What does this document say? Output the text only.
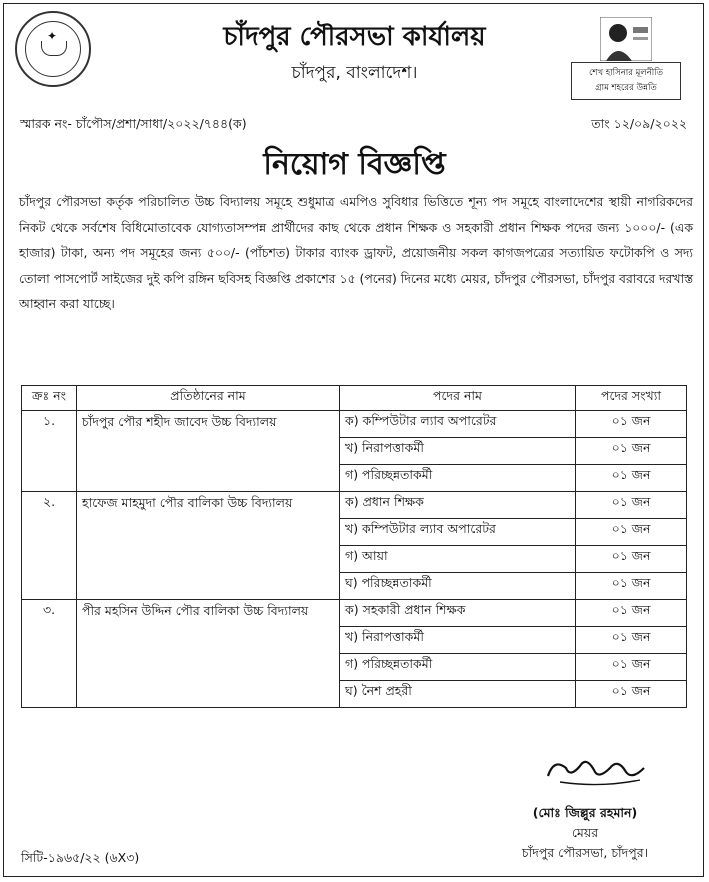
✦	চাঁদপুর পৌরসভা কার্যালয়
চাঁদপুর, বাংলাদেশ।	শেখ হাসিনার মূলনীতি
গ্রাম শহরের উন্নতি
স্মারক নং- চাঁপৌস/প্রশা/সাধা/২০২২/৭৪৪(ক)	তাং ১২/০৯/২০২২
নিয়োগ বিজ্ঞপ্তি
চাঁদপুর পৌরসভা কর্তৃক পরিচালিত উচ্চ বিদ্যালয় সমূহে শুধুমাত্র এমপিও সুবিধার ভিত্তিতে শূন্য পদ সমূহে বাংলাদেশের স্থায়ী নাগরিকদের নিকট থেকে সর্বশেষ বিধিমোতাবেক যোগ্যতাসম্পন্ন প্রার্থীদের কাছ থেকে প্রধান শিক্ষক ও সহকারী প্রধান শিক্ষক পদের জন্য ১০০০/- (এক হাজার) টাকা, অন্য পদ সমূহের জন্য ৫০০/- (পাঁচশত) টাকার ব্যাংক ড্রাফট, প্রয়োজনীয় সকল কাগজপত্রের সত্যায়িত ফটোকপি ও সদ্য তোলা পাসপোর্ট সাইজের দুই কপি রঙ্গিন ছবিসহ বিজ্ঞপ্তি প্রকাশের ১৫ (পনের) দিনের মধ্যে মেয়র, চাঁদপুর পৌরসভা, চাঁদপুর বরাবরে দরখাস্ত আহ্বান করা যাচ্ছে।
ক্রঃ নং	প্রতিষ্ঠানের নাম	পদের নাম	পদের সংখ্যা
১.	চাঁদপুর পৌর শহীদ জাবেদ উচ্চ বিদ্যালয়	ক) কম্পিউটার ল্যাব অপারেটর	০১ জন
		খ) নিরাপত্তাকর্মী	০১ জন
		গ) পরিচ্ছন্নতাকর্মী	০১ জন
২.	হাফেজ মাহমুদা পৌর বালিকা উচ্চ বিদ্যালয়	ক) প্রধান শিক্ষক	০১ জন
		খ) কম্পিউটার ল্যাব অপারেটর	০১ জন
		গ) আয়া	০১ জন
		ঘ) পরিচ্ছন্নতাকর্মী	০১ জন
৩.	পীর মহসিন উদ্দিন পৌর বালিকা উচ্চ বিদ্যালয়	ক) সহকারী প্রধান শিক্ষক	০১ জন
		খ) নিরাপত্তাকর্মী	০১ জন
		গ) পরিচ্ছন্নতাকর্মী	০১ জন
		ঘ) নৈশ প্রহরী	০১ জন
(মোঃ জিল্লুর রহমান)
মেয়র
চাঁদপুর পৌরসভা, চাঁদপুর।
সিটি-১৯৬৫/২২ (৬X৩)
